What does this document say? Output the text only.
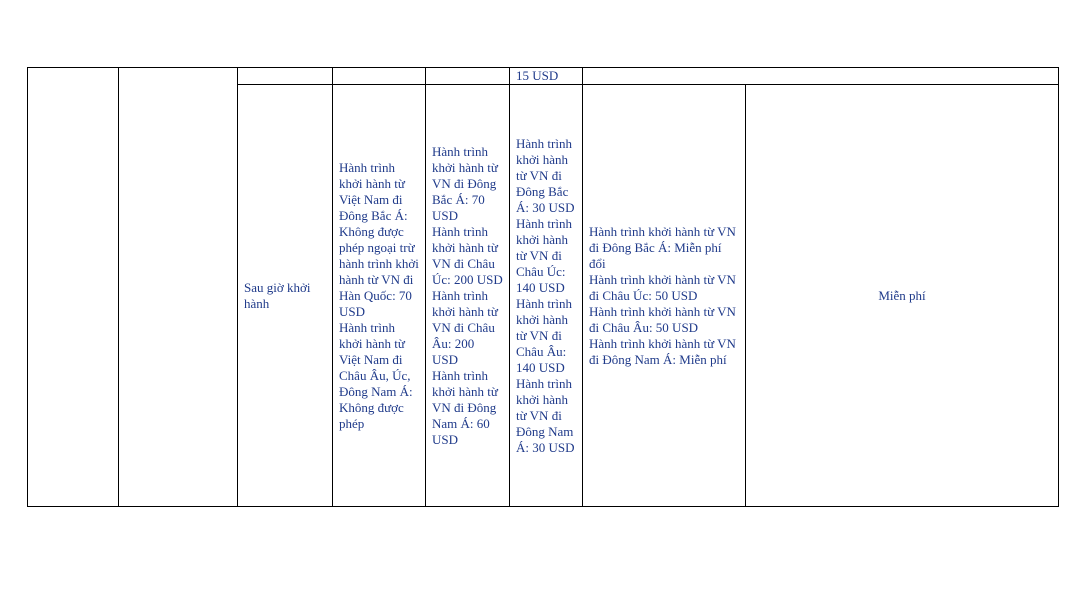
					15 USD		
		Sau giờ khởi hành	Hành trình khởi hành từ Việt Nam đi Đông Bắc Á: Không được phép ngoại trừ hành trình khởi hành từ VN đi Hàn Quốc: 70 USD
Hành trình khởi hành từ Việt Nam đi Châu Âu, Úc, Đông Nam Á: Không được phép	Hành trình khởi hành từ VN đi Đông Bắc Á: 70 USD
Hành trình khởi hành từ VN đi Châu Úc: 200 USD
Hành trình khởi hành từ VN đi Châu Âu: 200 USD
Hành trình khởi hành từ VN đi Đông Nam Á: 60 USD	Hành trình khởi hành từ VN đi Đông Bắc Á: 30 USD
Hành trình khởi hành từ VN đi Châu Úc: 140 USD
Hành trình khởi hành từ VN đi Châu Âu: 140 USD
Hành trình khởi hành từ VN đi Đông Nam Á: 30 USD	Hành trình khởi hành từ VN đi Đông Bắc Á: Miễn phí đổi
Hành trình khởi hành từ VN đi Châu Úc: 50 USD
Hành trình khởi hành từ VN đi Châu Âu: 50 USD
Hành trình khởi hành từ VN đi Đông Nam Á: Miễn phí	Miễn phí
